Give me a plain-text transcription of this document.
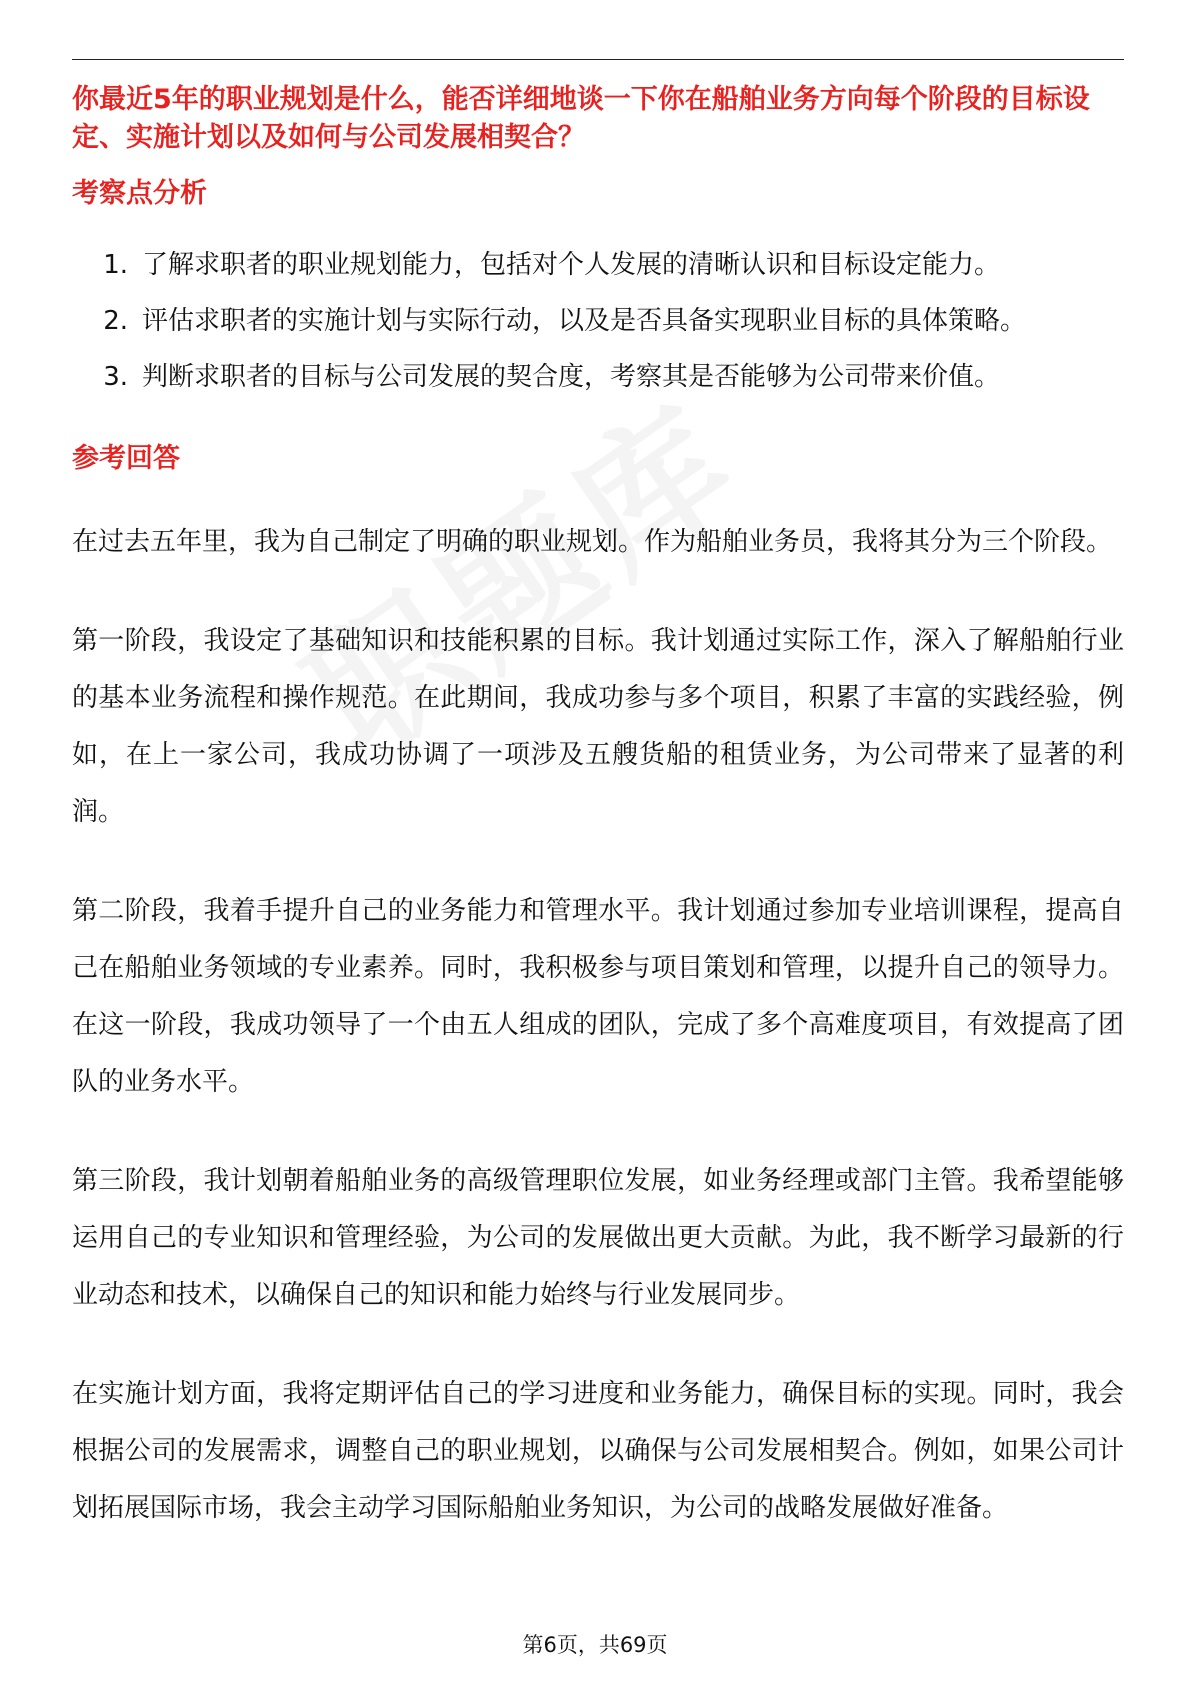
你最近5年的职业规划是什么，能否详细地谈一下你在船舶业务方向每个阶段的目标设定、实施计划以及如何与公司发展相契合？

考察点分析

1. 了解求职者的职业规划能力，包括对个人发展的清晰认识和目标设定能力。
2. 评估求职者的实施计划与实际行动，以及是否具备实现职业目标的具体策略。
3. 判断求职者的目标与公司发展的契合度，考察其是否能够为公司带来价值。

参考回答

在过去五年里，我为自己制定了明确的职业规划。作为船舶业务员，我将其分为三个阶段。

第一阶段，我设定了基础知识和技能积累的目标。我计划通过实际工作，深入了解船舶行业的基本业务流程和操作规范。在此期间，我成功参与多个项目，积累了丰富的实践经验，例如，在上一家公司，我成功协调了一项涉及五艘货船的租赁业务，为公司带来了显著的利润。

第二阶段，我着手提升自己的业务能力和管理水平。我计划通过参加专业培训课程，提高自己在船舶业务领域的专业素养。同时，我积极参与项目策划和管理，以提升自己的领导力。在这一阶段，我成功领导了一个由五人组成的团队，完成了多个高难度项目，有效提高了团队的业务水平。

第三阶段，我计划朝着船舶业务的高级管理职位发展，如业务经理或部门主管。我希望能够运用自己的专业知识和管理经验，为公司的发展做出更大贡献。为此，我不断学习最新的行业动态和技术，以确保自己的知识和能力始终与行业发展同步。

在实施计划方面，我将定期评估自己的学习进度和业务能力，确保目标的实现。同时，我会根据公司的发展需求，调整自己的职业规划，以确保与公司发展相契合。例如，如果公司计划拓展国际市场，我会主动学习国际船舶业务知识，为公司的战略发展做好准备。

第6页，共69页
